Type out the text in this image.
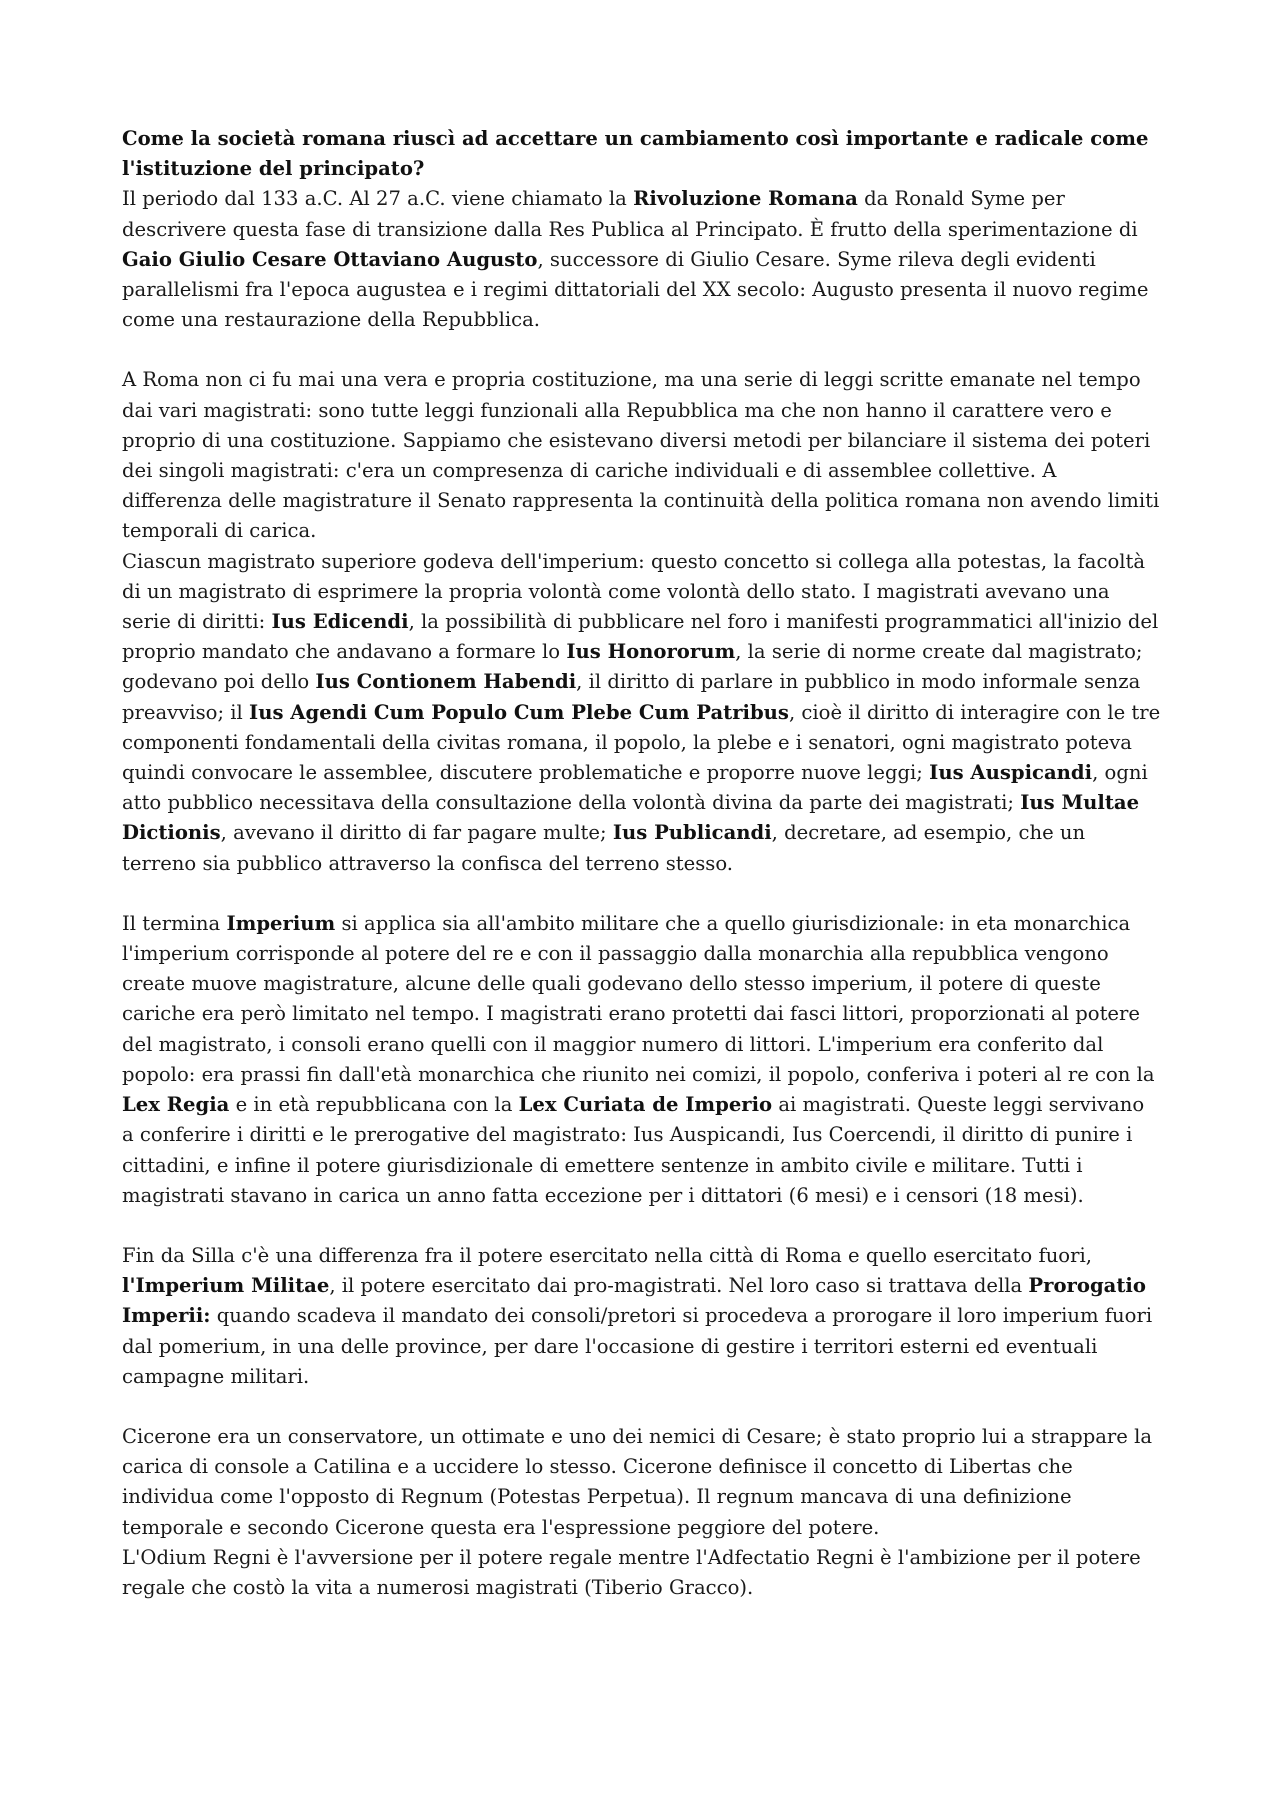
Come la società romana riuscì ad accettare un cambiamento così importante e radicale come l'istituzione del principato?

Il periodo dal 133 a.C. Al 27 a.C. viene chiamato la Rivoluzione Romana da Ronald Syme per descrivere questa fase di transizione dalla Res Publica al Principato. È frutto della sperimentazione di Gaio Giulio Cesare Ottaviano Augusto, successore di Giulio Cesare. Syme rileva degli evidenti parallelismi fra l'epoca augustea e i regimi dittatoriali del XX secolo: Augusto presenta il nuovo regime come una restaurazione della Repubblica.

A Roma non ci fu mai una vera e propria costituzione, ma una serie di leggi scritte emanate nel tempo dai vari magistrati: sono tutte leggi funzionali alla Repubblica ma che non hanno il carattere vero e proprio di una costituzione. Sappiamo che esistevano diversi metodi per bilanciare il sistema dei poteri dei singoli magistrati: c'era un compresenza di cariche individuali e di assemblee collettive. A differenza delle magistrature il Senato rappresenta la continuità della politica romana non avendo limiti temporali di carica.

Ciascun magistrato superiore godeva dell'imperium: questo concetto si collega alla potestas, la facoltà di un magistrato di esprimere la propria volontà come volontà dello stato. I magistrati avevano una serie di diritti: Ius Edicendi, la possibilità di pubblicare nel foro i manifesti programmatici all'inizio del proprio mandato che andavano a formare lo Ius Honororum, la serie di norme create dal magistrato; godevano poi dello Ius Contionem Habendi, il diritto di parlare in pubblico in modo informale senza preavviso; il Ius Agendi Cum Populo Cum Plebe Cum Patribus, cioè il diritto di interagire con le tre componenti fondamentali della civitas romana, il popolo, la plebe e i senatori, ogni magistrato poteva quindi convocare le assemblee, discutere problematiche e proporre nuove leggi; Ius Auspicandi, ogni atto pubblico necessitava della consultazione della volontà divina da parte dei magistrati; Ius Multae Dictionis, avevano il diritto di far pagare multe; Ius Publicandi, decretare, ad esempio, che un terreno sia pubblico attraverso la confisca del terreno stesso.

Il termina Imperium si applica sia all'ambito militare che a quello giurisdizionale: in eta monarchica l'imperium corrisponde al potere del re e con il passaggio dalla monarchia alla repubblica vengono create muove magistrature, alcune delle quali godevano dello stesso imperium, il potere di queste cariche era però limitato nel tempo. I magistrati erano protetti dai fasci littori, proporzionati al potere del magistrato, i consoli erano quelli con il maggior numero di littori. L'imperium era conferito dal popolo: era prassi fin dall'età monarchica che riunito nei comizi, il popolo, conferiva i poteri al re con la Lex Regia e in età repubblicana con la Lex Curiata de Imperio ai magistrati. Queste leggi servivano a conferire i diritti e le prerogative del magistrato: Ius Auspicandi, Ius Coercendi, il diritto di punire i cittadini, e infine il potere giurisdizionale di emettere sentenze in ambito civile e militare. Tutti i magistrati stavano in carica un anno fatta eccezione per i dittatori (6 mesi) e i censori (18 mesi).

Fin da Silla c'è una differenza fra il potere esercitato nella città di Roma e quello esercitato fuori, l'Imperium Militae, il potere esercitato dai pro-magistrati. Nel loro caso si trattava della Prorogatio Imperii: quando scadeva il mandato dei consoli/pretori si procedeva a prorogare il loro imperium fuori dal pomerium, in una delle province, per dare l'occasione di gestire i territori esterni ed eventuali campagne militari.

Cicerone era un conservatore, un ottimate e uno dei nemici di Cesare; è stato proprio lui a strappare la carica di console a Catilina e a uccidere lo stesso. Cicerone definisce il concetto di Libertas che individua come l'opposto di Regnum (Potestas Perpetua). Il regnum mancava di una definizione temporale e secondo Cicerone questa era l'espressione peggiore del potere.

L'Odium Regni è l'avversione per il potere regale mentre l'Adfectatio Regni è l'ambizione per il potere regale che costò la vita a numerosi magistrati (Tiberio Gracco).
